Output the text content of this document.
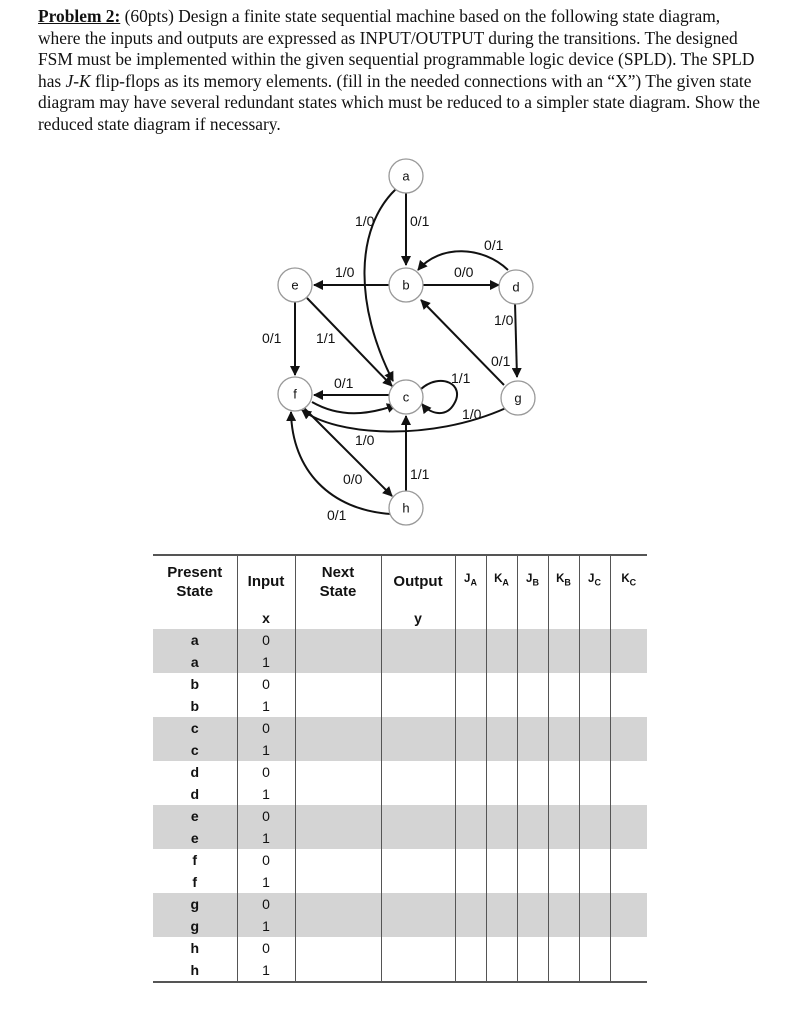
Problem 2: (60pts) Design a finite state sequential machine based on the following state diagram, where the inputs and outputs are expressed as INPUT/OUTPUT during the transitions. The designed FSM must be implemented within the given sequential programmable logic device (SPLD). The SPLD has J-K flip-flops as its memory elements. (fill in the needed connections with an “X”) The given state diagram may have several redundant states which must be reduced to a simpler state diagram. Show the reduced state diagram if necessary.

0/1
1/0
1/0	0/0
0/1
1/0
0/1 1/1
0/1	1/1
0/1
1/0
0/0
1/0
0/1
1/1
a
b
c
d
e
f	g
h
Present
State	Input	Next
State	Output	$J_A$	$K_A$	$J_B$	$K_B$	$J_C$	$K_C$
	x		y						
a	0								
a	1								
b	0								
b	1								
c	0								
c	1								
d	0								
d	1								
e	0								
e	1								
f	0								
f	1								
g	0								
g	1								
h	0								
h	1								
